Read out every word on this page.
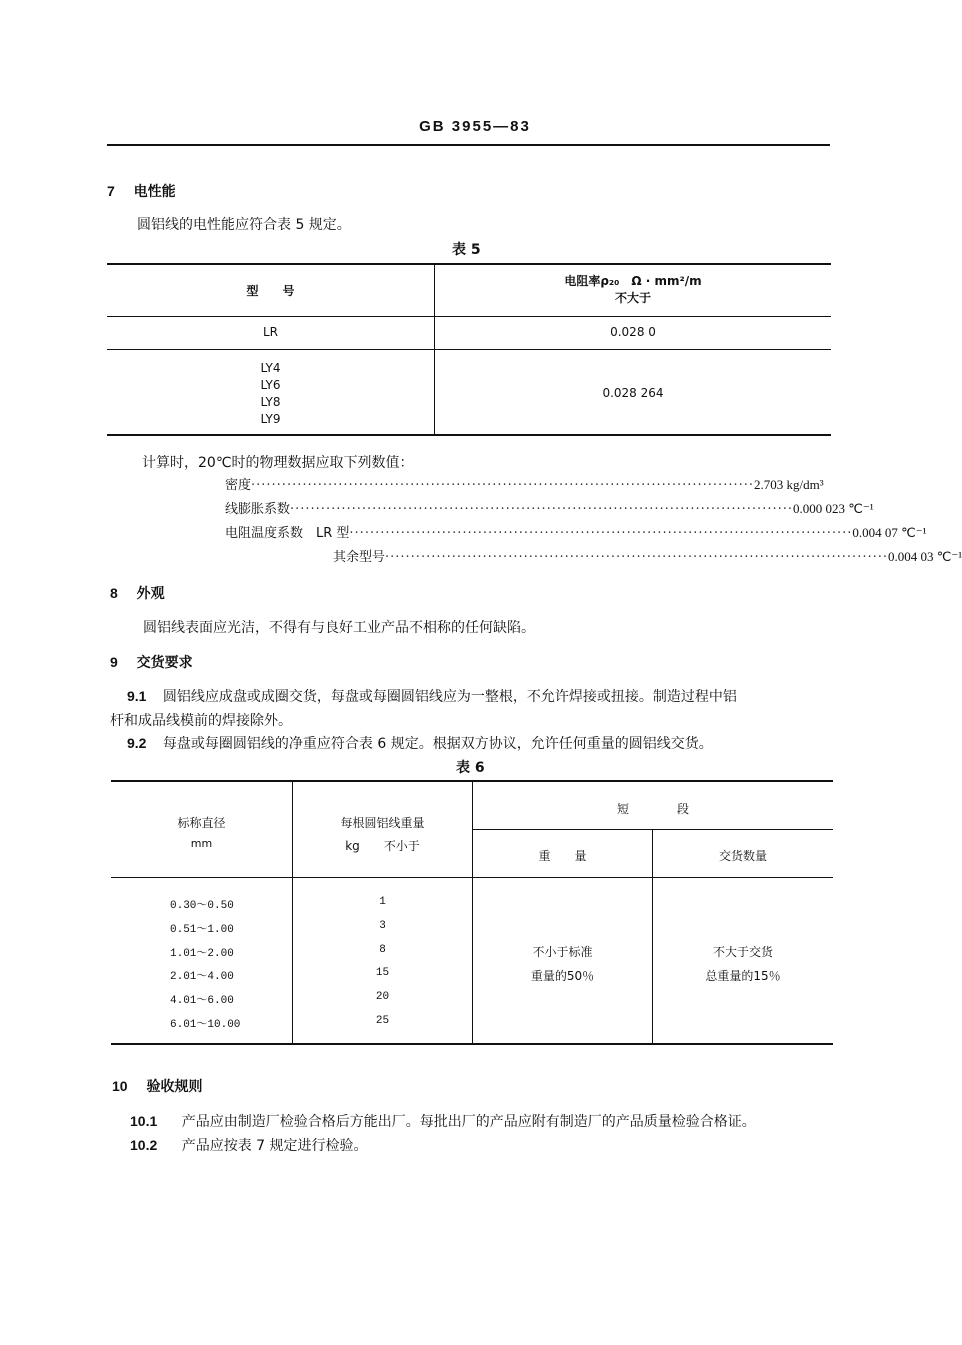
GB 3955—83
7 电性能
圆铝线的电性能应符合表 5 规定。
表 5
型　　号
电阻率ρ₂₀　Ω · mm²/m
不大于
LR	0.028 0
LY4
LY6
LY8
LY9
0.028 264
计算时，20℃时的物理数据应取下列数值：
密度 ·································································································· 2.703 kg/dm³
线膨胀系数 ·································································································· 0.000 023 ℃⁻¹
电阻温度系数　LR 型 ·································································································· 0.004 07 ℃⁻¹
其余型号 ·································································································· 0.004 03 ℃⁻¹
8 外观
圆铝线表面应光洁，不得有与良好工业产品不相称的任何缺陷。
9 交货要求
9.1 圆铝线应成盘或成圈交货，每盘或每圈圆铝线应为一整根，不允许焊接或扭接。制造过程中铝
杆和成品线模前的焊接除外。
9.2 每盘或每圈圆铝线的净重应符合表 6 规定。根据双方协议，允许任何重量的圆铝线交货。
表 6
标称直径
mm
每根圆铝线重量
kg　　不小于
短　　　　段
重　　量	交货数量
0.30～0.50
0.51～1.00
1.01～2.00
2.01～4.00
4.01～6.00
6.01～10.00
1
3
8
15
20
25
不小于标准
重量的50％
不大于交货
总重量的15％
10 验收规则
10.1 产品应由制造厂检验合格后方能出厂。每批出厂的产品应附有制造厂的产品质量检验合格证。
10.2 产品应按表 7 规定进行检验。
